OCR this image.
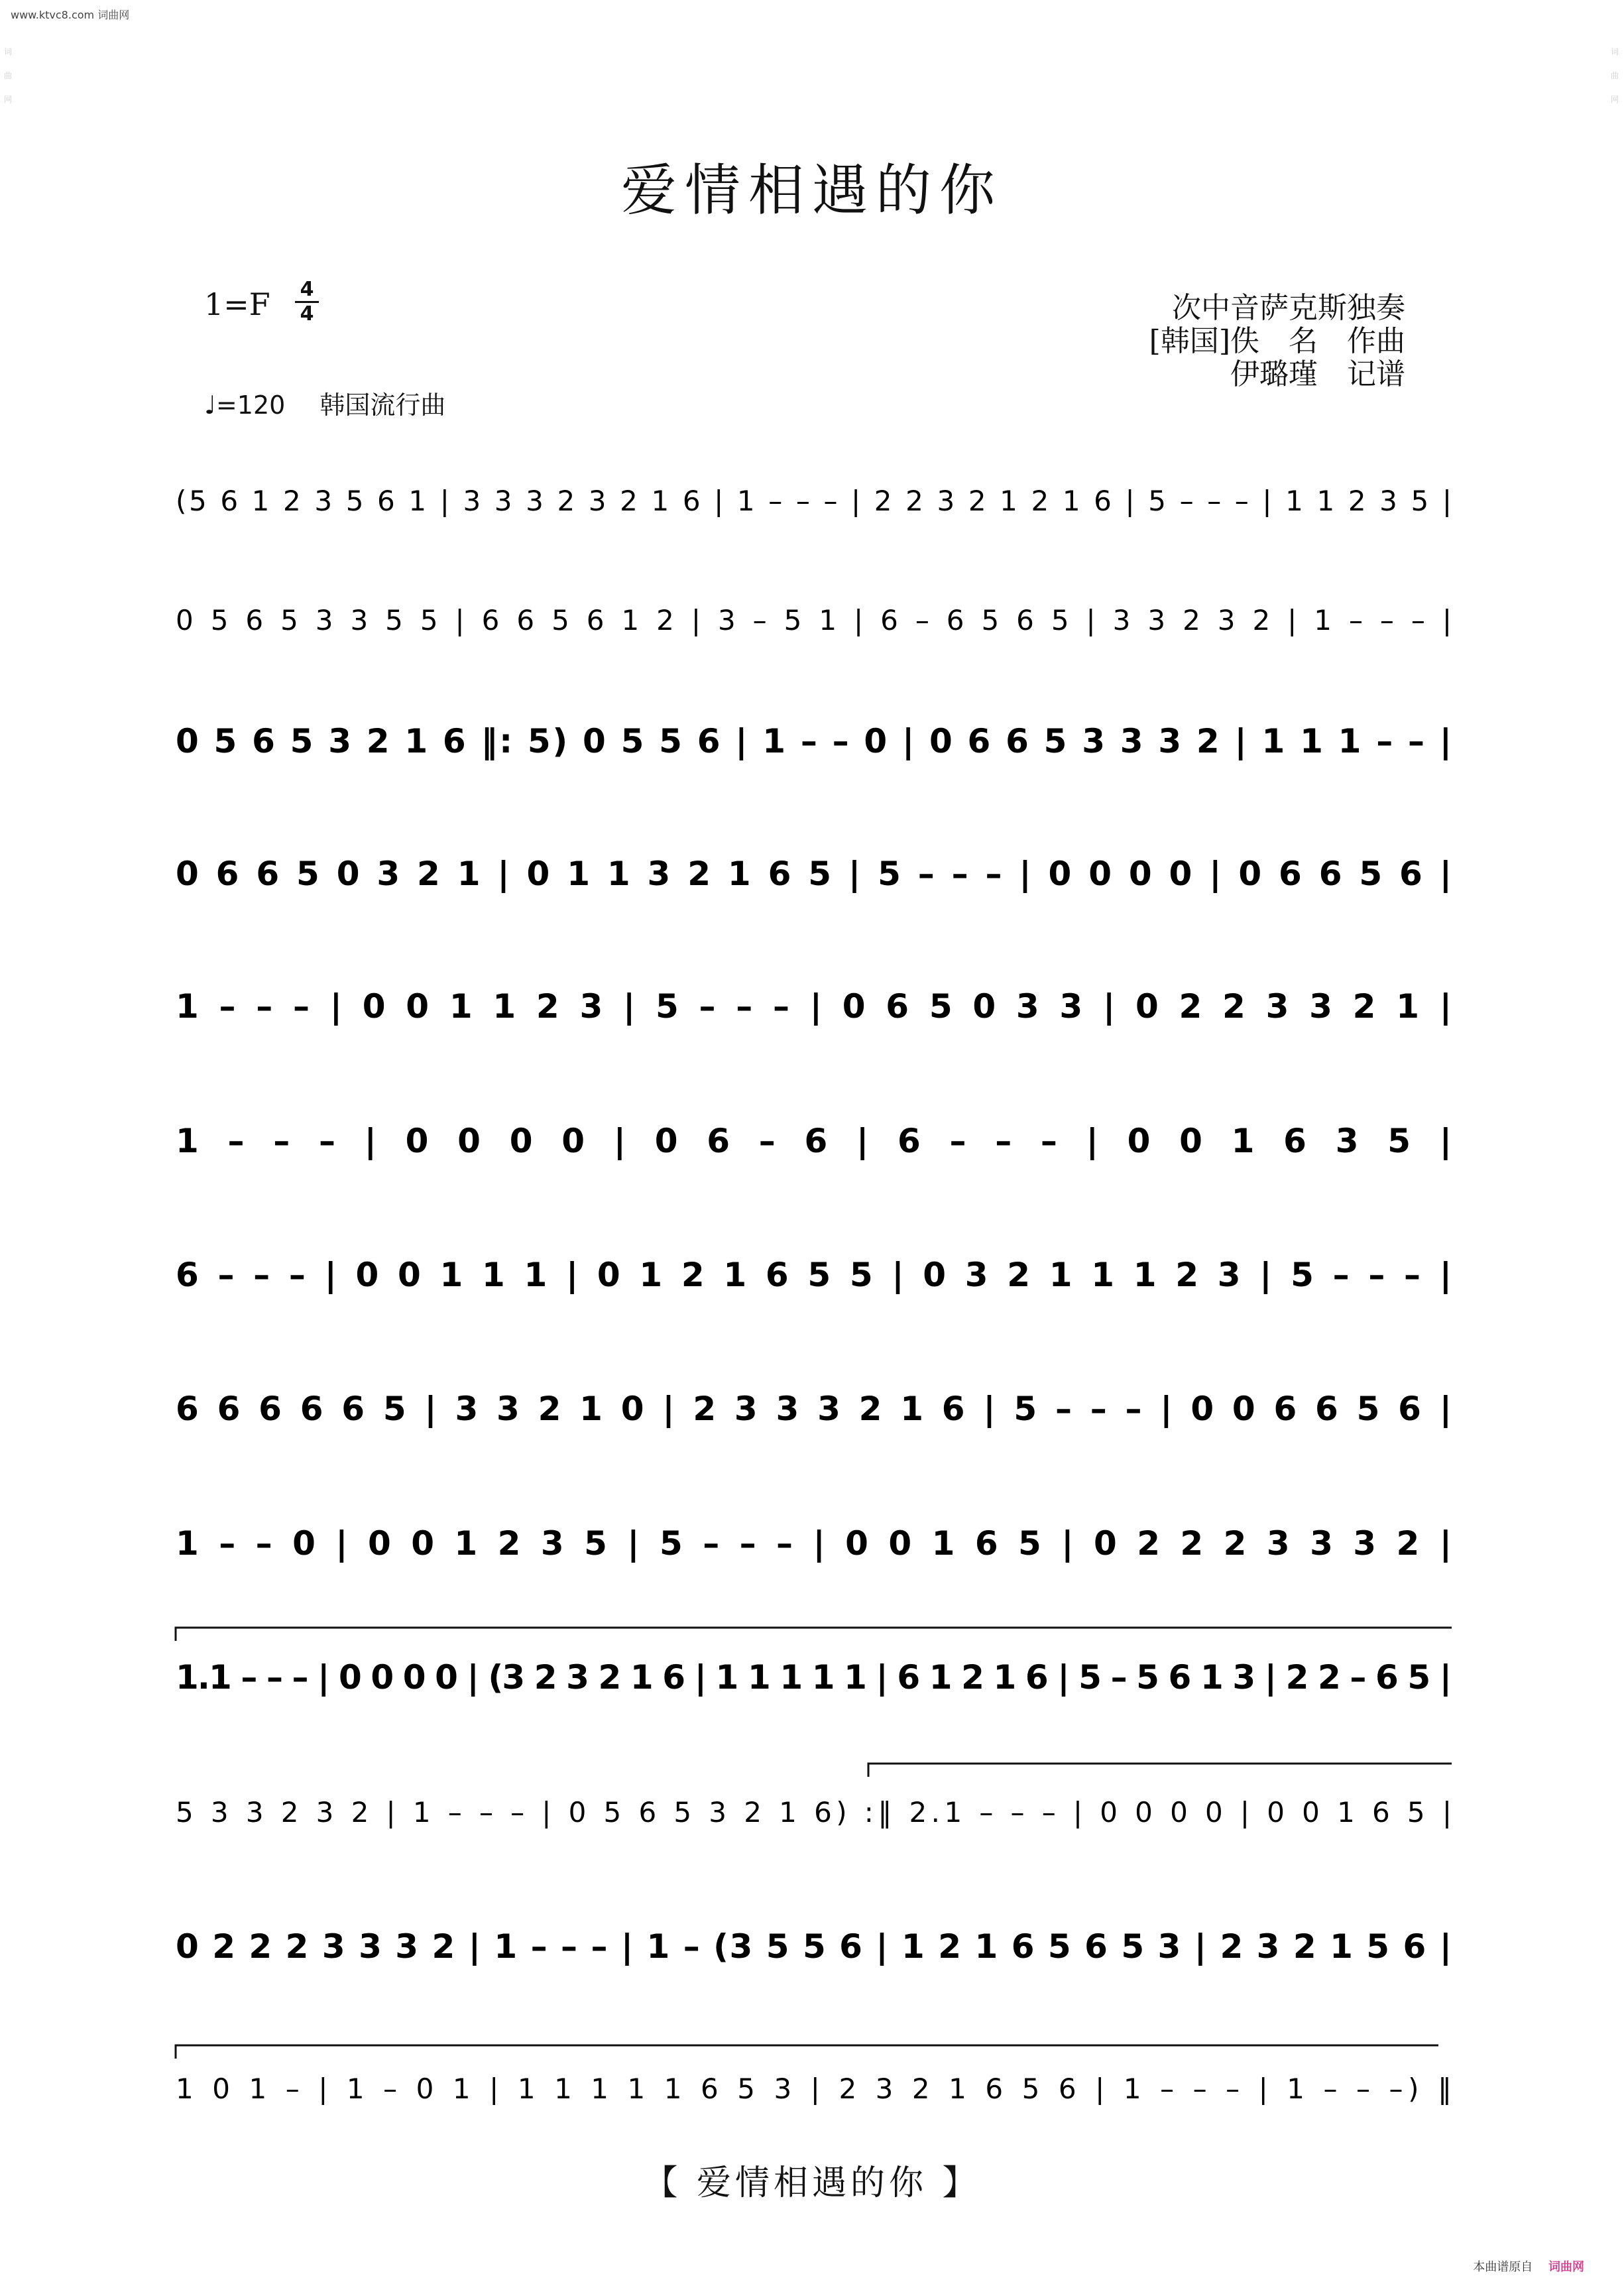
www.ktvc8.com 词曲网
词曲网
词曲网
爱情相遇的你
1=F 4
4
♩=120 韩国流行曲
次中音萨克斯独奏
[韩国]佚　名　作曲
伊璐瑾　记谱
(5 6 1 2 3 5 6 1 | 3 3 3 2 3 2 1 6 | 1 – – – | 2 2 3 2 1 2 1 6 | 5 – – – | 1 1 2 3 5 |
0 5 6 5 3 3 5 5 | 6 6 5 6 1 2 | 3 – 5 1 | 6 – 6 5 6 5 | 3 3 2 3 2 | 1 – – – |
0 5 6 5 3 2 1 6 ‖: 5) 0 5 5 6 | 1 – – 0 | 0 6 6 5 3 3 3 2 | 1 1 1 – – |
0 6 6 5 0 3 2 1 | 0 1 1 3 2 1 6 5 | 5 – – – | 0 0 0 0 | 0 6 6 5 6 |
1 – – – | 0 0 1 1 2 3 | 5 – – – | 0 6 5 0 3 3 | 0 2 2 3 3 2 1 |
1 – – – | 0 0 0 0 | 0 6 – 6 | 6 – – – | 0 0 1 6 3 5 |
6 – – – | 0 0 1 1 1 | 0 1 2 1 6 5 5 | 0 3 2 1 1 1 2 3 | 5 – – – |
6 6 6 6 6 5 | 3 3 2 1 0 | 2 3 3 3 2 1 6 | 5 – – – | 0 0 6 6 5 6 |
1 – – 0 | 0 0 1 2 3 5 | 5 – – – | 0 0 1 6 5 | 0 2 2 2 3 3 3 2 |
1.1 – – – | 0 0 0 0 | (3 2 3 2 1 6 | 1 1 1 1 1 | 6 1 2 1 6 | 5 – 5 6 1 3 | 2 2 – 6 5 |
5 3 3 2 3 2 | 1 – – – | 0 5 6 5 3 2 1 6) :‖ 2.1 – – – | 0 0 0 0 | 0 0 1 6 5 |
0 2 2 2 3 3 3 2 | 1 – – – | 1 – (3 5 5 6 | 1 2 1 6 5 6 5 3 | 2 3 2 1 5 6 |
1 0 1 – | 1 – 0 1 | 1 1 1 1 1 6 5 3 | 2 3 2 1 6 5 6 | 1 – – – | 1 – – –) ‖
【 爱情相遇的你 】
本曲谱原自 词曲网
